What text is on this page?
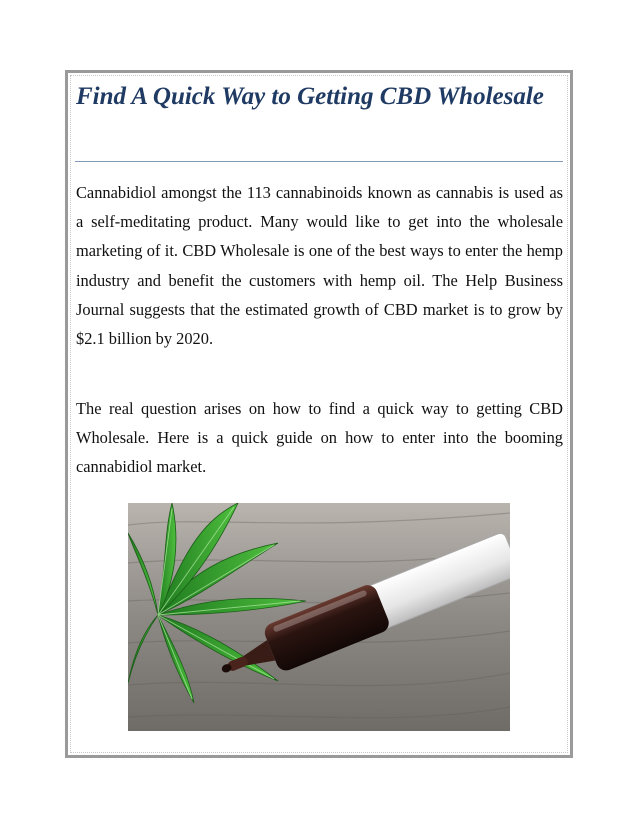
Find A Quick Way to Getting CBD Wholesale

Cannabidiol amongst the 113 cannabinoids known as cannabis is used as a self-meditating product. Many would like to get into the wholesale marketing of it. CBD Wholesale is one of the best ways to enter the hemp industry and benefit the customers with hemp oil. The Help Business Journal suggests that the estimated growth of CBD market is to grow by $2.1 billion by 2020.

The real question arises on how to find a quick way to getting CBD Wholesale. Here is a quick guide on how to enter into the booming cannabidiol market.
